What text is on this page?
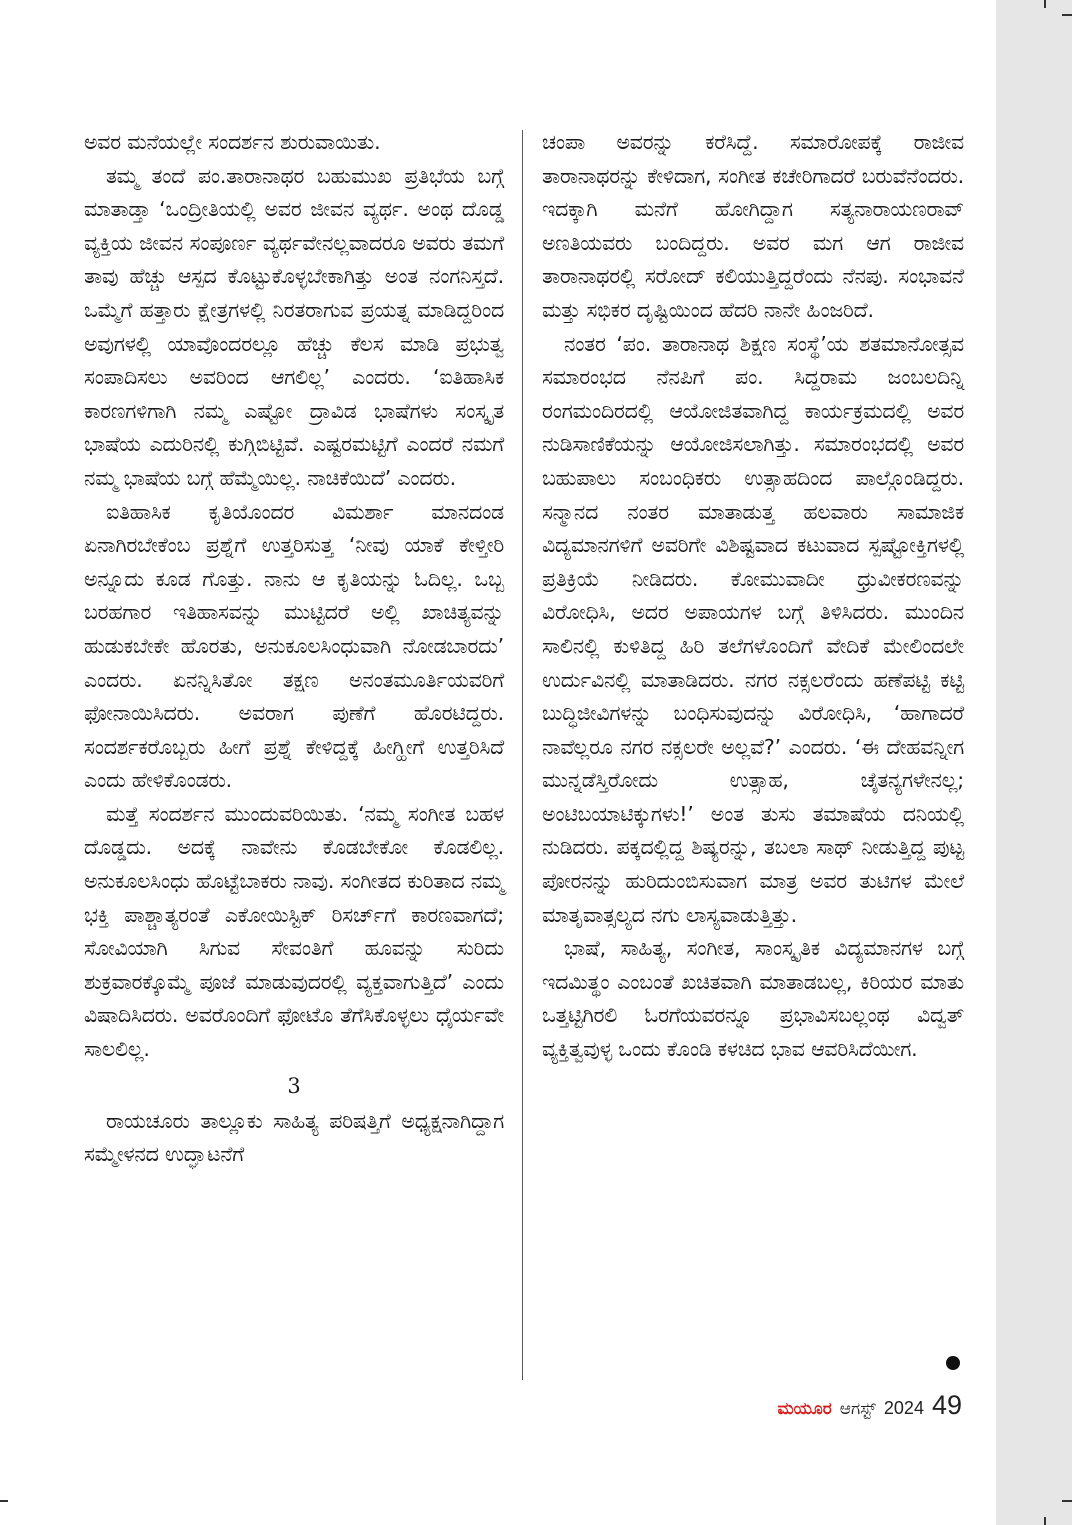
ಅವರ ಮನೆಯಲ್ಲೇ ಸಂದರ್ಶನ ಶುರುವಾಯಿತು.

ತಮ್ಮ ತಂದೆ ಪಂ.ತಾರಾನಾಥರ ಬಹುಮುಖ ಪ್ರತಿಭೆಯ ಬಗ್ಗೆ ಮಾತಾಡ್ತಾ ‘ಒಂದ್ರೀತಿಯಲ್ಲಿ ಅವರ ಜೀವನ ವ್ಯರ್ಥ. ಅಂಥ ದೊಡ್ಡ ವ್ಯಕ್ತಿಯ ಜೀವನ ಸಂಪೂರ್ಣ ವ್ಯರ್ಥವೇನಲ್ಲವಾದರೂ ಅವರು ತಮಗೆ ತಾವು ಹೆಚ್ಚು ಆಸ್ಪದ ಕೊಟ್ಟುಕೊಳ್ಳಬೇಕಾಗಿತ್ತು ಅಂತ ನಂಗನಿಸ್ತದೆ. ಒಮ್ಮೆಗೆ ಹತ್ತಾರು ಕ್ಷೇತ್ರಗಳಲ್ಲಿ ನಿರತರಾಗುವ ಪ್ರಯತ್ನ ಮಾಡಿದ್ದರಿಂದ ಅವುಗಳಲ್ಲಿ ಯಾವೊಂದರಲ್ಲೂ ಹೆಚ್ಚು ಕೆಲಸ ಮಾಡಿ ಪ್ರಭುತ್ವ ಸಂಪಾದಿಸಲು ಅವರಿಂದ ಆಗಲಿಲ್ಲ’ ಎಂದರು. ‘ಐತಿಹಾಸಿಕ ಕಾರಣಗಳಿಗಾಗಿ ನಮ್ಮ ಎಷ್ಟೋ ದ್ರಾವಿಡ ಭಾಷೆಗಳು ಸಂಸ್ಕೃತ ಭಾಷೆಯ ಎದುರಿನಲ್ಲಿ ಕುಗ್ಗಿಬಿಟ್ಟಿವೆ. ಎಷ್ಟರಮಟ್ಟಿಗೆ ಎಂದರೆ ನಮಗೆ ನಮ್ಮ ಭಾಷೆಯ ಬಗ್ಗೆ ಹೆಮ್ಮೆಯಿಲ್ಲ. ನಾಚಿಕೆಯಿದೆ’ ಎಂದರು.

ಐತಿಹಾಸಿಕ ಕೃತಿಯೊಂದರ ವಿಮರ್ಶಾ ಮಾನದಂಡ ಏನಾಗಿರಬೇಕೆಂಬ ಪ್ರಶ್ನೆಗೆ ಉತ್ತರಿಸುತ್ತ ‘ನೀವು ಯಾಕೆ ಕೇಳ್ತೀರಿ ಅನ್ನೂದು ಕೂಡ ಗೊತ್ತು. ನಾನು ಆ ಕೃತಿಯನ್ನು ಓದಿಲ್ಲ. ಒಬ್ಬ ಬರಹಗಾರ ಇತಿಹಾಸವನ್ನು ಮುಟ್ಟಿದರೆ ಅಲ್ಲಿ ಖಾಚಿತ್ಯವನ್ನು ಹುಡುಕಬೇಕೇ ಹೊರತು, ಅನುಕೂಲಸಿಂಧುವಾಗಿ ನೋಡಬಾರದು’ ಎಂದರು. ಏನನ್ನಿಸಿತೋ ತಕ್ಷಣ ಅನಂತಮೂರ್ತಿಯವರಿಗೆ ಫೋನಾಯಿಸಿದರು. ಅವರಾಗ ಪುಣೆಗೆ ಹೊರಟಿದ್ದರು. ಸಂದರ್ಶಕರೊಬ್ಬರು ಹೀಗೆ ಪ್ರಶ್ನೆ ಕೇಳಿದ್ದಕ್ಕೆ ಹೀಗ್ಹೀಗೆ ಉತ್ತರಿಸಿದೆ ಎಂದು ಹೇಳಿಕೊಂಡರು.

ಮತ್ತೆ ಸಂದರ್ಶನ ಮುಂದುವರಿಯಿತು. ‘ನಮ್ಮ ಸಂಗೀತ ಬಹಳ ದೊಡ್ಡದು. ಅದಕ್ಕೆ ನಾವೇನು ಕೊಡಬೇಕೋ ಕೊಡಲಿಲ್ಲ. ಅನುಕೂಲಸಿಂಧು ಹೊಟ್ಟೆಬಾಕರು ನಾವು. ಸಂಗೀತದ ಕುರಿತಾದ ನಮ್ಮ ಭಕ್ತಿ ಪಾಶ್ಚಾತ್ಯರಂತೆ ಎಕೋಯಿಸ್ಟಿಕ್ ರಿಸರ್ಚ್‌ಗೆ ಕಾರಣವಾಗದೆ; ಸೋವಿಯಾಗಿ ಸಿಗುವ ಸೇವಂತಿಗೆ ಹೂವನ್ನು ಸುರಿದು ಶುಕ್ರವಾರಕ್ಕೊಮ್ಮೆ ಪೂಜೆ ಮಾಡುವುದರಲ್ಲಿ ವ್ಯಕ್ತವಾಗುತ್ತಿದೆ’ ಎಂದು ವಿಷಾದಿಸಿದರು. ಅವರೊಂದಿಗೆ ಫೋಟೊ ತೆಗೆಸಿಕೊಳ್ಳಲು ಧೈರ್ಯವೇ ಸಾಲಲಿಲ್ಲ.

3

ರಾಯಚೂರು ತಾಲ್ಲೂಕು ಸಾಹಿತ್ಯ ಪರಿಷತ್ತಿಗೆ ಅಧ್ಯಕ್ಷನಾಗಿದ್ದಾಗ ಸಮ್ಮೇಳನದ ಉದ್ಘಾಟನೆಗೆ

ಚಂಪಾ ಅವರನ್ನು ಕರೆಸಿದ್ದೆ. ಸಮಾರೋಪಕ್ಕೆ ರಾಜೀವ ತಾರಾನಾಥರನ್ನು ಕೇಳಿದಾಗ, ಸಂಗೀತ ಕಚೇರಿಗಾದರೆ ಬರುವೆನೆಂದರು. ಇದಕ್ಕಾಗಿ ಮನೆಗೆ ಹೋಗಿದ್ದಾಗ ಸತ್ಯನಾರಾಯಣರಾವ್ ಅಣತಿಯವರು ಬಂದಿದ್ದರು. ಅವರ ಮಗ ಆಗ ರಾಜೀವ ತಾರಾನಾಥರಲ್ಲಿ ಸರೋದ್ ಕಲಿಯುತ್ತಿದ್ದರೆಂದು ನೆನಪು. ಸಂಭಾವನೆ ಮತ್ತು ಸಭಿಕರ ದೃಷ್ಟಿಯಿಂದ ಹೆದರಿ ನಾನೇ ಹಿಂಜರಿದೆ.

ನಂತರ ‘ಪಂ. ತಾರಾನಾಥ ಶಿಕ್ಷಣ ಸಂಸ್ಥೆ’ಯ ಶತಮಾನೋತ್ಸವ ಸಮಾರಂಭದ ನೆನಪಿಗೆ ಪಂ. ಸಿದ್ದರಾಮ ಜಂಬಲದಿನ್ನಿ ರಂಗಮಂದಿರದಲ್ಲಿ ಆಯೋಜಿತವಾಗಿದ್ದ ಕಾರ್ಯಕ್ರಮದಲ್ಲಿ ಅವರ ನುಡಿಸಾಣಿಕೆಯನ್ನು ಆಯೋಜಿಸಲಾಗಿತ್ತು. ಸಮಾರಂಭದಲ್ಲಿ ಅವರ ಬಹುಪಾಲು ಸಂಬಂಧಿಕರು ಉತ್ಸಾಹದಿಂದ ಪಾಲ್ಗೊಂಡಿದ್ದರು. ಸನ್ಮಾನದ ನಂತರ ಮಾತಾಡುತ್ತ ಹಲವಾರು ಸಾಮಾಜಿಕ ವಿದ್ಯಮಾನಗಳಿಗೆ ಅವರಿಗೇ ವಿಶಿಷ್ಟವಾದ ಕಟುವಾದ ಸ್ಪಷ್ಟೋಕ್ತಿಗಳಲ್ಲಿ ಪ್ರತಿಕ್ರಿಯೆ ನೀಡಿದರು. ಕೋಮುವಾದೀ ಧ್ರುವೀಕರಣವನ್ನು ವಿರೋಧಿಸಿ, ಅದರ ಅಪಾಯಗಳ ಬಗ್ಗೆ ತಿಳಿಸಿದರು. ಮುಂದಿನ ಸಾಲಿನಲ್ಲಿ ಕುಳಿತಿದ್ದ ಹಿರಿ ತಲೆಗಳೊಂದಿಗೆ ವೇದಿಕೆ ಮೇಲಿಂದಲೇ ಉರ್ದುವಿನಲ್ಲಿ ಮಾತಾಡಿದರು. ನಗರ ನಕ್ಸಲರೆಂದು ಹಣೆಪಟ್ಟಿ ಕಟ್ಟಿ ಬುದ್ಧಿಜೀವಿಗಳನ್ನು ಬಂಧಿಸುವುದನ್ನು ವಿರೋಧಿಸಿ, ‘ಹಾಗಾದರೆ ನಾವೆಲ್ಲರೂ ನಗರ ನಕ್ಸಲರೇ ಅಲ್ಲವೆ?’ ಎಂದರು. ‘ಈ ದೇಹವನ್ನೀಗ ಮುನ್ನಡೆಸ್ತಿರೋದು ಉತ್ಸಾಹ, ಚೈತನ್ಯಗಳೇನಲ್ಲ; ಅಂಟಿಬಯಾಟಿಕ್ಕುಗಳು!’ ಅಂತ ತುಸು ತಮಾಷೆಯ ದನಿಯಲ್ಲಿ ನುಡಿದರು. ಪಕ್ಕದಲ್ಲಿದ್ದ ಶಿಷ್ಯರನ್ನು, ತಬಲಾ ಸಾಥ್ ನೀಡುತ್ತಿದ್ದ ಪುಟ್ಟ ಪೋರನನ್ನು ಹುರಿದುಂಬಿಸುವಾಗ ಮಾತ್ರ ಅವರ ತುಟಿಗಳ ಮೇಲೆ ಮಾತೃವಾತ್ಸಲ್ಯದ ನಗು ಲಾಸ್ಯವಾಡುತ್ತಿತ್ತು.

ಭಾಷೆ, ಸಾಹಿತ್ಯ, ಸಂಗೀತ, ಸಾಂಸ್ಕೃತಿಕ ವಿದ್ಯಮಾನಗಳ ಬಗ್ಗೆ ಇದಮಿತ್ಥಂ ಎಂಬಂತೆ ಖಚಿತವಾಗಿ ಮಾತಾಡಬಲ್ಲ, ಕಿರಿಯರ ಮಾತು ಒತ್ತಟ್ಟಿಗಿರಲಿ ಓರಗೆಯವರನ್ನೂ ಪ್ರಭಾವಿಸಬಲ್ಲಂಥ ವಿದ್ವತ್ ವ್ಯಕ್ತಿತ್ವವುಳ್ಳ ಒಂದು ಕೊಂಡಿ ಕಳಚಿದ ಭಾವ ಆವರಿಸಿದೆಯೀಗ.

ಮಯೂರ ಆಗಸ್ಟ್ 2024 49
